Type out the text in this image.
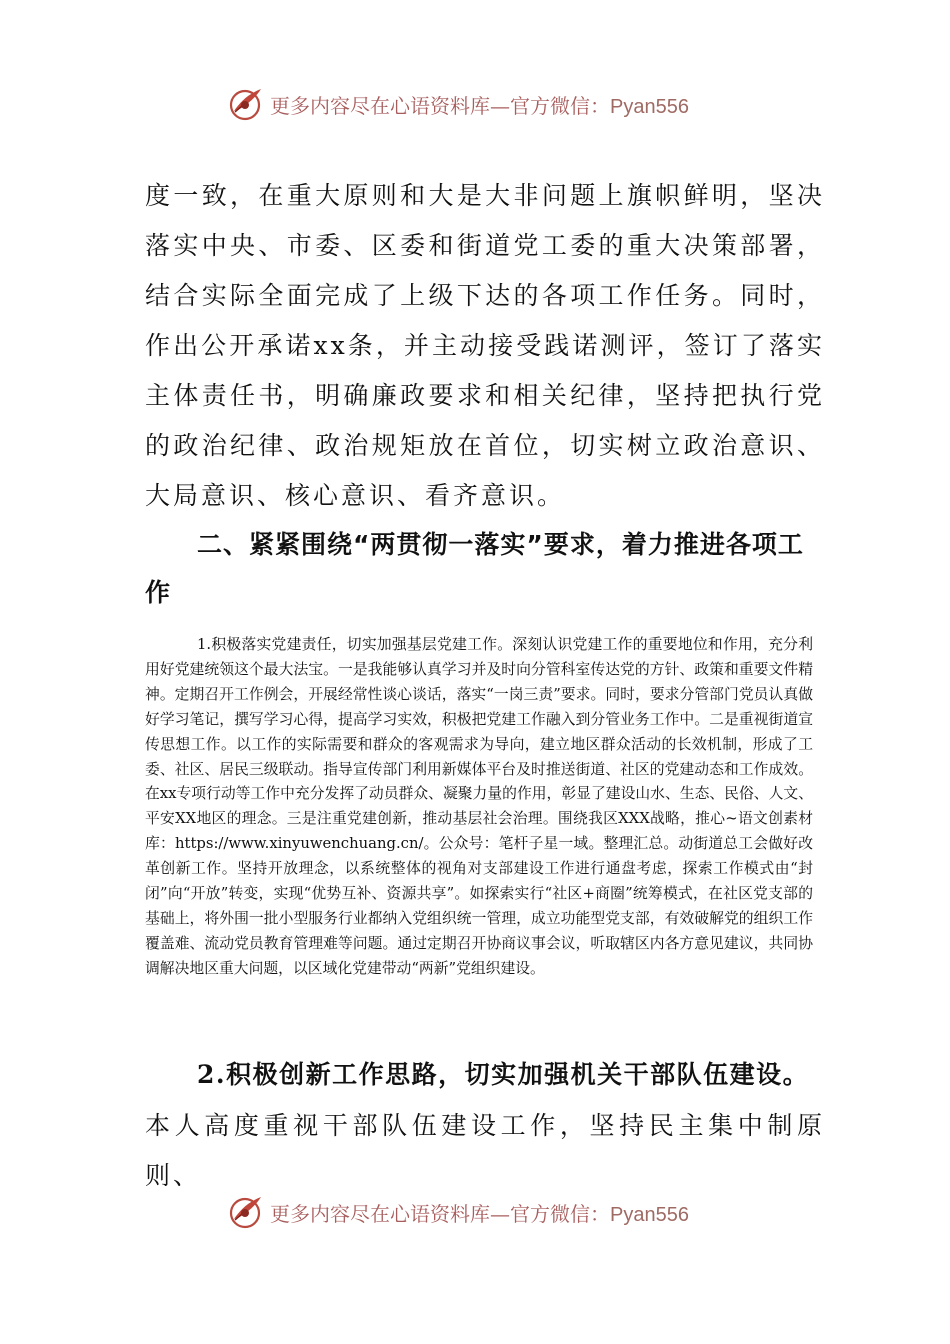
更多内容尽在心语资料库—官方微信：Pyan556

度一致，在重大原则和大是大非问题上旗帜鲜明，坚决落实中央、市委、区委和街道党工委的重大决策部署，结合实际全面完成了上级下达的各项工作任务。同时，作出公开承诺xx条，并主动接受践诺测评，签订了落实主体责任书，明确廉政要求和相关纪律，坚持把执行党的政治纪律、政治规矩放在首位，切实树立政治意识、大局意识、核心意识、看齐意识。

二、紧紧围绕“两贯彻一落实”要求，着力推进各项工作

1.积极落实党建责任，切实加强基层党建工作。深刻认识党建工作的重要地位和作用，充分利用好党建统领这个最大法宝。一是我能够认真学习并及时向分管科室传达党的方针、政策和重要文件精神。定期召开工作例会，开展经常性谈心谈话，落实“一岗三责”要求。同时，要求分管部门党员认真做好学习笔记，撰写学习心得，提高学习实效，积极把党建工作融入到分管业务工作中。二是重视街道宣传思想工作。以工作的实际需要和群众的客观需求为导向，建立地区群众活动的长效机制，形成了工委、社区、居民三级联动。指导宣传部门利用新媒体平台及时推送街道、社区的党建动态和工作成效。在xx专项行动等工作中充分发挥了动员群众、凝聚力量的作用，彰显了建设山水、生态、民俗、人文、平安XX地区的理念。三是注重党建创新，推动基层社会治理。围绕我区XXX战略，推心~语文创素材库：https://www.xinyuwenchuang.cn/。公众号：笔杆子星一域。整理汇总。动街道总工会做好改革创新工作。坚持开放理念，以系统整体的视角对支部建设工作进行通盘考虑，探索工作模式由“封闭”向“开放”转变，实现“优势互补、资源共享”。如探索实行“社区+商圈”统筹模式，在社区党支部的基础上，将外围一批小型服务行业都纳入党组织统一管理，成立功能型党支部，有效破解党的组织工作覆盖难、流动党员教育管理难等问题。通过定期召开协商议事会议，听取辖区内各方意见建议，共同协调解决地区重大问题，以区域化党建带动“两新”党组织建设。

2.积极创新工作思路，切实加强机关干部队伍建设。

本人高度重视干部队伍建设工作，坚持民主集中制原则、

更多内容尽在心语资料库—官方微信：Pyan556
